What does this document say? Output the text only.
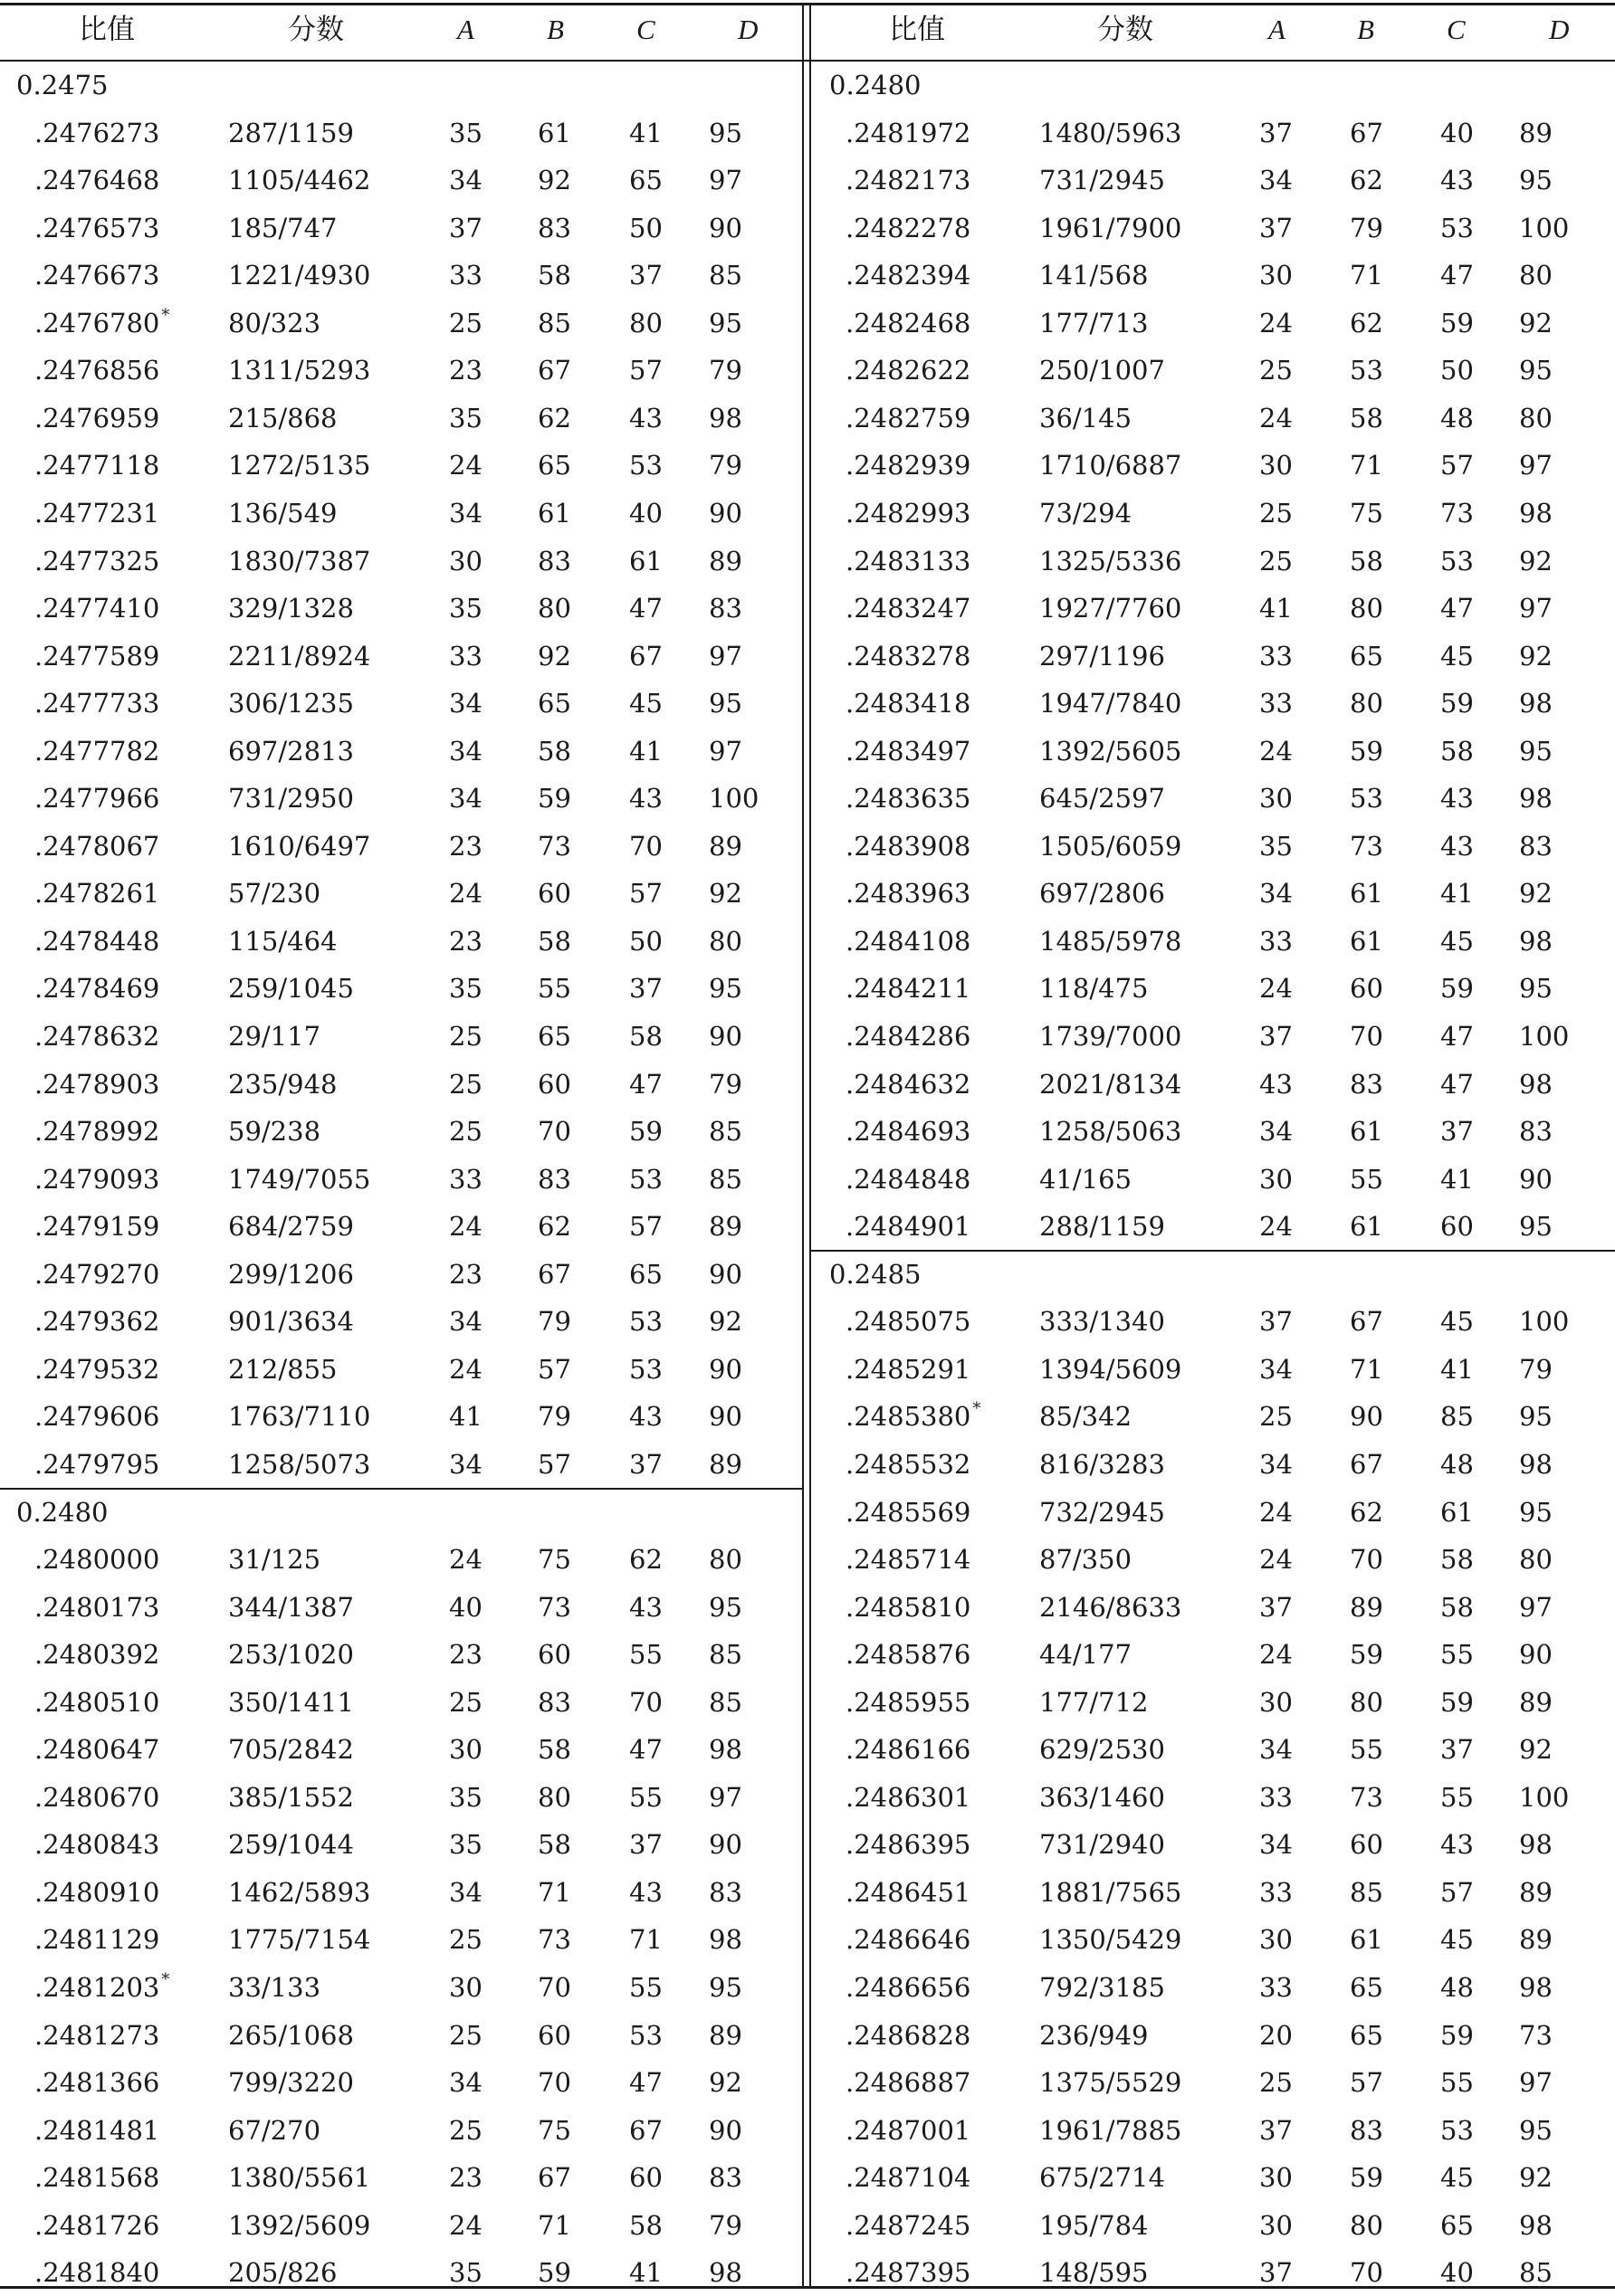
比值	分数	A	B	C	D	比值	分数	A	B	C	D
0.2475
.2476273	287/1159	35 61 41 95
.2476468	1105/4462	34 92 65 97
.2476573	185/747	37 83 50 90
.2476673	1221/4930	33 58 37 85
.2476780 * 80/323	25 85 80 95
.2476856	1311/5293	23 67 57 79
.2476959	215/868	35 62 43 98
.2477118	1272/5135	24 65 53 79
.2477231	136/549	34 61 40 90
.2477325	1830/7387	30 83 61 89
.2477410	329/1328	35 80 47 83
.2477589	2211/8924	33 92 67 97
.2477733	306/1235	34 65 45 95
.2477782	697/2813	34 58 41 97
.2477966	731/2950	34 59 43 100
.2478067	1610/6497	23 73 70 89
.2478261	57/230	24 60 57 92
.2478448	115/464	23 58 50 80
.2478469	259/1045	35 55 37 95
.2478632	29/117	25 65 58 90
.2478903	235/948	25 60 47 79
.2478992	59/238	25 70 59 85
.2479093	1749/7055	33 83 53 85
.2479159	684/2759	24 62 57 89
.2479270	299/1206	23 67 65 90
.2479362	901/3634	34 79 53 92
.2479532	212/855	24 57 53 90
.2479606	1763/7110	41 79 43 90
.2479795	1258/5073	34 57 37 89
0.2480
.2480000	31/125	24 75 62 80
.2480173	344/1387	40 73 43 95
.2480392	253/1020	23 60 55 85
.2480510	350/1411	25 83 70 85
.2480647	705/2842	30 58 47 98
.2480670	385/1552	35 80 55 97
.2480843	259/1044	35 58 37 90
.2480910	1462/5893	34 71 43 83
.2481129	1775/7154	25 73 71 98
.2481203 * 33/133	30 70 55 95
.2481273	265/1068	25 60 53 89
.2481366	799/3220	34 70 47 92
.2481481	67/270	25 75 67 90
.2481568	1380/5561	23 67 60 83
.2481726	1392/5609	24 71 58 79
.2481840	205/826	35 59 41 98
0.2480
.2481972	1480/5963	37 67 40 89
.2482173	731/2945	34 62 43 95
.2482278	1961/7900	37 79 53 100
.2482394	141/568	30 71 47 80
.2482468	177/713	24 62 59 92
.2482622	250/1007	25 53 50 95
.2482759	36/145	24 58 48 80
.2482939	1710/6887	30 71 57 97
.2482993	73/294	25 75 73 98
.2483133	1325/5336	25 58 53 92
.2483247	1927/7760	41 80 47 97
.2483278	297/1196	33 65 45 92
.2483418	1947/7840	33 80 59 98
.2483497	1392/5605	24 59 58 95
.2483635	645/2597	30 53 43 98
.2483908	1505/6059	35 73 43 83
.2483963	697/2806	34 61 41 92
.2484108	1485/5978	33 61 45 98
.2484211	118/475	24 60 59 95
.2484286	1739/7000	37 70 47 100
.2484632	2021/8134	43 83 47 98
.2484693	1258/5063	34 61 37 83
.2484848	41/165	30 55 41 90
.2484901	288/1159	24 61 60 95
0.2485
.2485075	333/1340	37 67 45 100
.2485291	1394/5609	34 71 41 79
.2485380 * 85/342	25 90 85 95
.2485532	816/3283	34 67 48 98
.2485569	732/2945	24 62 61 95
.2485714	87/350	24 70 58 80
.2485810	2146/8633	37 89 58 97
.2485876	44/177	24 59 55 90
.2485955	177/712	30 80 59 89
.2486166	629/2530	34 55 37 92
.2486301	363/1460	33 73 55 100
.2486395	731/2940	34 60 43 98
.2486451	1881/7565	33 85 57 89
.2486646	1350/5429	30 61 45 89
.2486656	792/3185	33 65 48 98
.2486828	236/949	20 65 59 73
.2486887	1375/5529	25 57 55 97
.2487001	1961/7885	37 83 53 95
.2487104	675/2714	30 59 45 92
.2487245	195/784	30 80 65 98
.2487395	148/595	37 70 40 85
